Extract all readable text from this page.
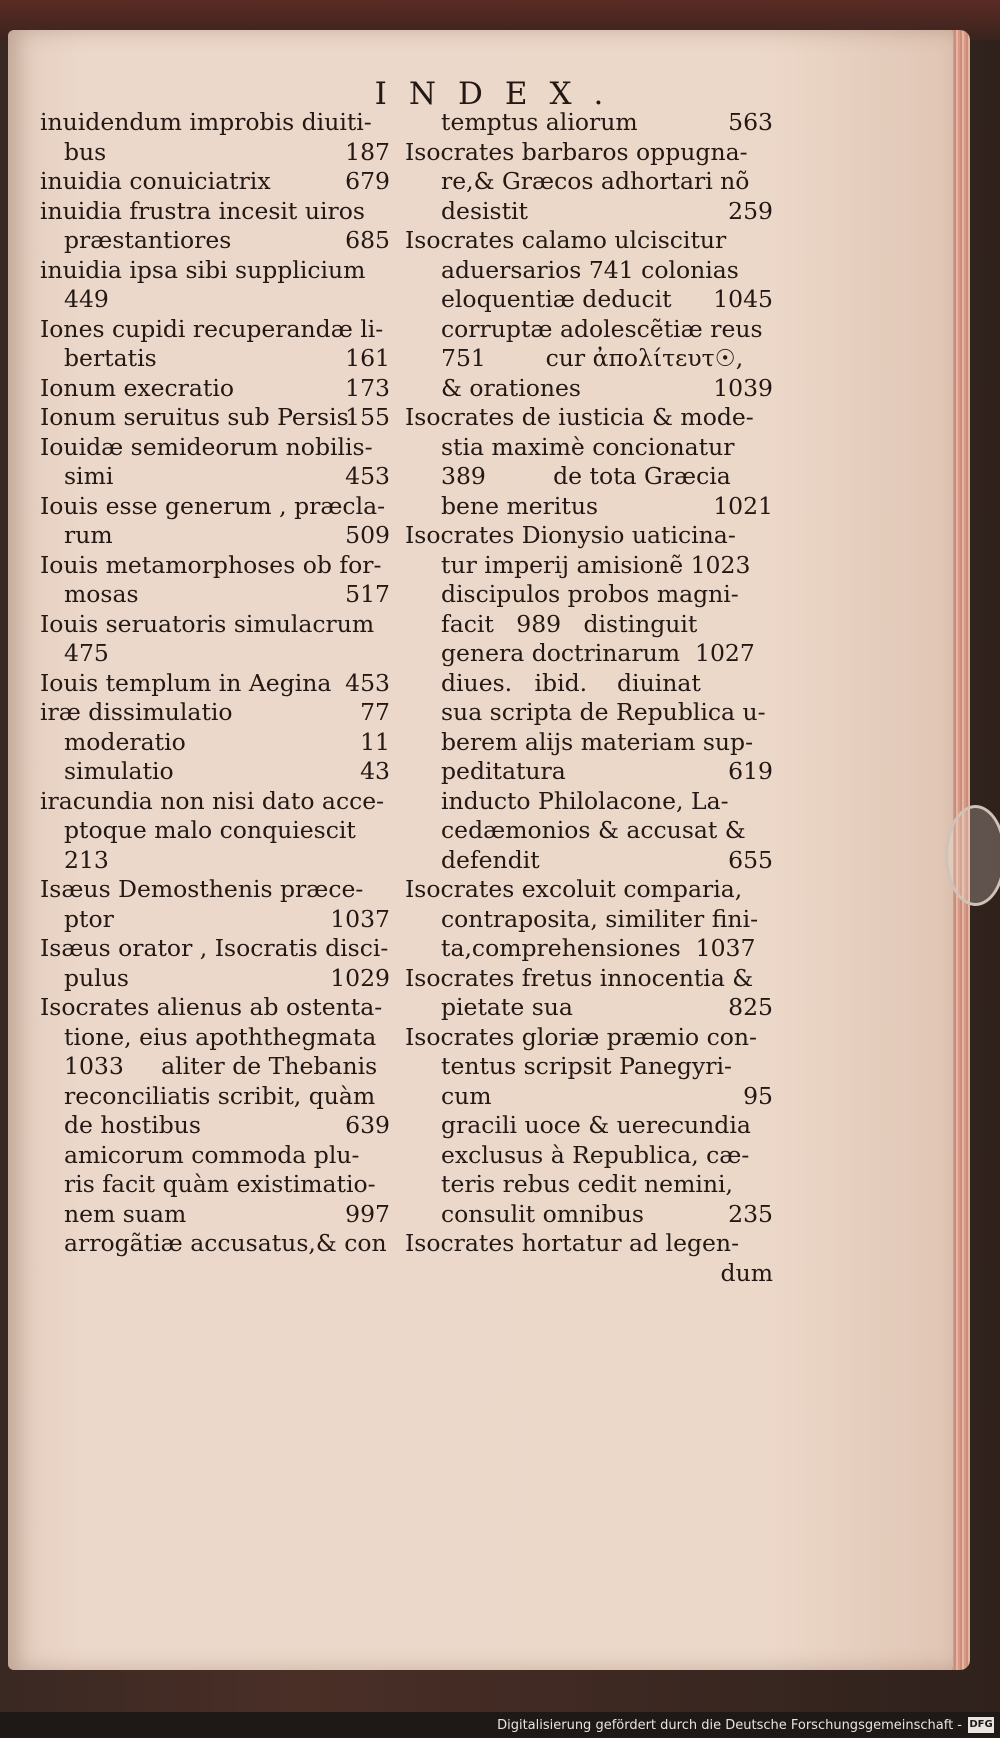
INDEX.
inuidendum improbis diuiti-
187
bus
679
inuidia conuiciatrix
inuidia frustra incesit uiros
685
præstantiores
inuidia ipsa sibi supplicium
449
Iones cupidi recuperandæ li-
161
bertatis
173
Ionum execratio
155
Ionum seruitus sub Persis
Iouidæ semideorum nobilis-
453
simi
Iouis esse generum , præcla-
509
rum
Iouis metamorphoses ob for-
517
mosas
Iouis seruatoris simulacrum
475
453
Iouis templum in Aegina
77
iræ dissimulatio
11
moderatio
43
simulatio
iracundia non nisi dato acce-
ptoque malo conquiescit
213
Isæus Demosthenis præce-
1037
ptor
Isæus orator , Isocratis disci-
1029
pulus
Isocrates alienus ab ostenta-
tione, eius apoththegmata
1033     aliter de Thebanis
reconciliatis scribit, quàm
639
de hostibus
amicorum commoda plu-
ris facit quàm existimatio-
997
nem suam
arrogãtiæ accusatus,& con
563
temptus aliorum
Isocrates barbaros oppugna-
re,& Græcos adhortari nõ
259
desistit
Isocrates calamo ulciscitur
aduersarios 741 colonias
1045
eloquentiæ deducit
corruptæ adolescẽtiæ reus
751        cur ἀπολίτευτ☉,
1039
& orationes
Isocrates de iusticia & mode-
stia maximè concionatur
389         de tota Græcia
1021
bene meritus
Isocrates Dionysio uaticina-
tur imperij amisionẽ 1023
discipulos probos magni-
facit   989   distinguit
genera doctrinarum  1027
diues.   ibid.    diuinat
sua scripta de Republica u-
berem alijs materiam sup-
619
peditatura
inducto Philolacone, La-
cedæmonios & accusat &
655
defendit
Isocrates excoluit comparia,
contraposita, similiter fini-
ta,comprehensiones  1037
Isocrates fretus innocentia &
825
pietate sua
Isocrates gloriæ præmio con-
tentus scripsit Panegyri-
95
cum
gracili uoce & uerecundia
exclusus à Republica, cæ-
teris rebus cedit nemini,
235
consulit omnibus
Isocrates hortatur ad legen-
dum
Digitalisierung gefördert durch die Deutsche Forschungsgemeinschaft - DFG
